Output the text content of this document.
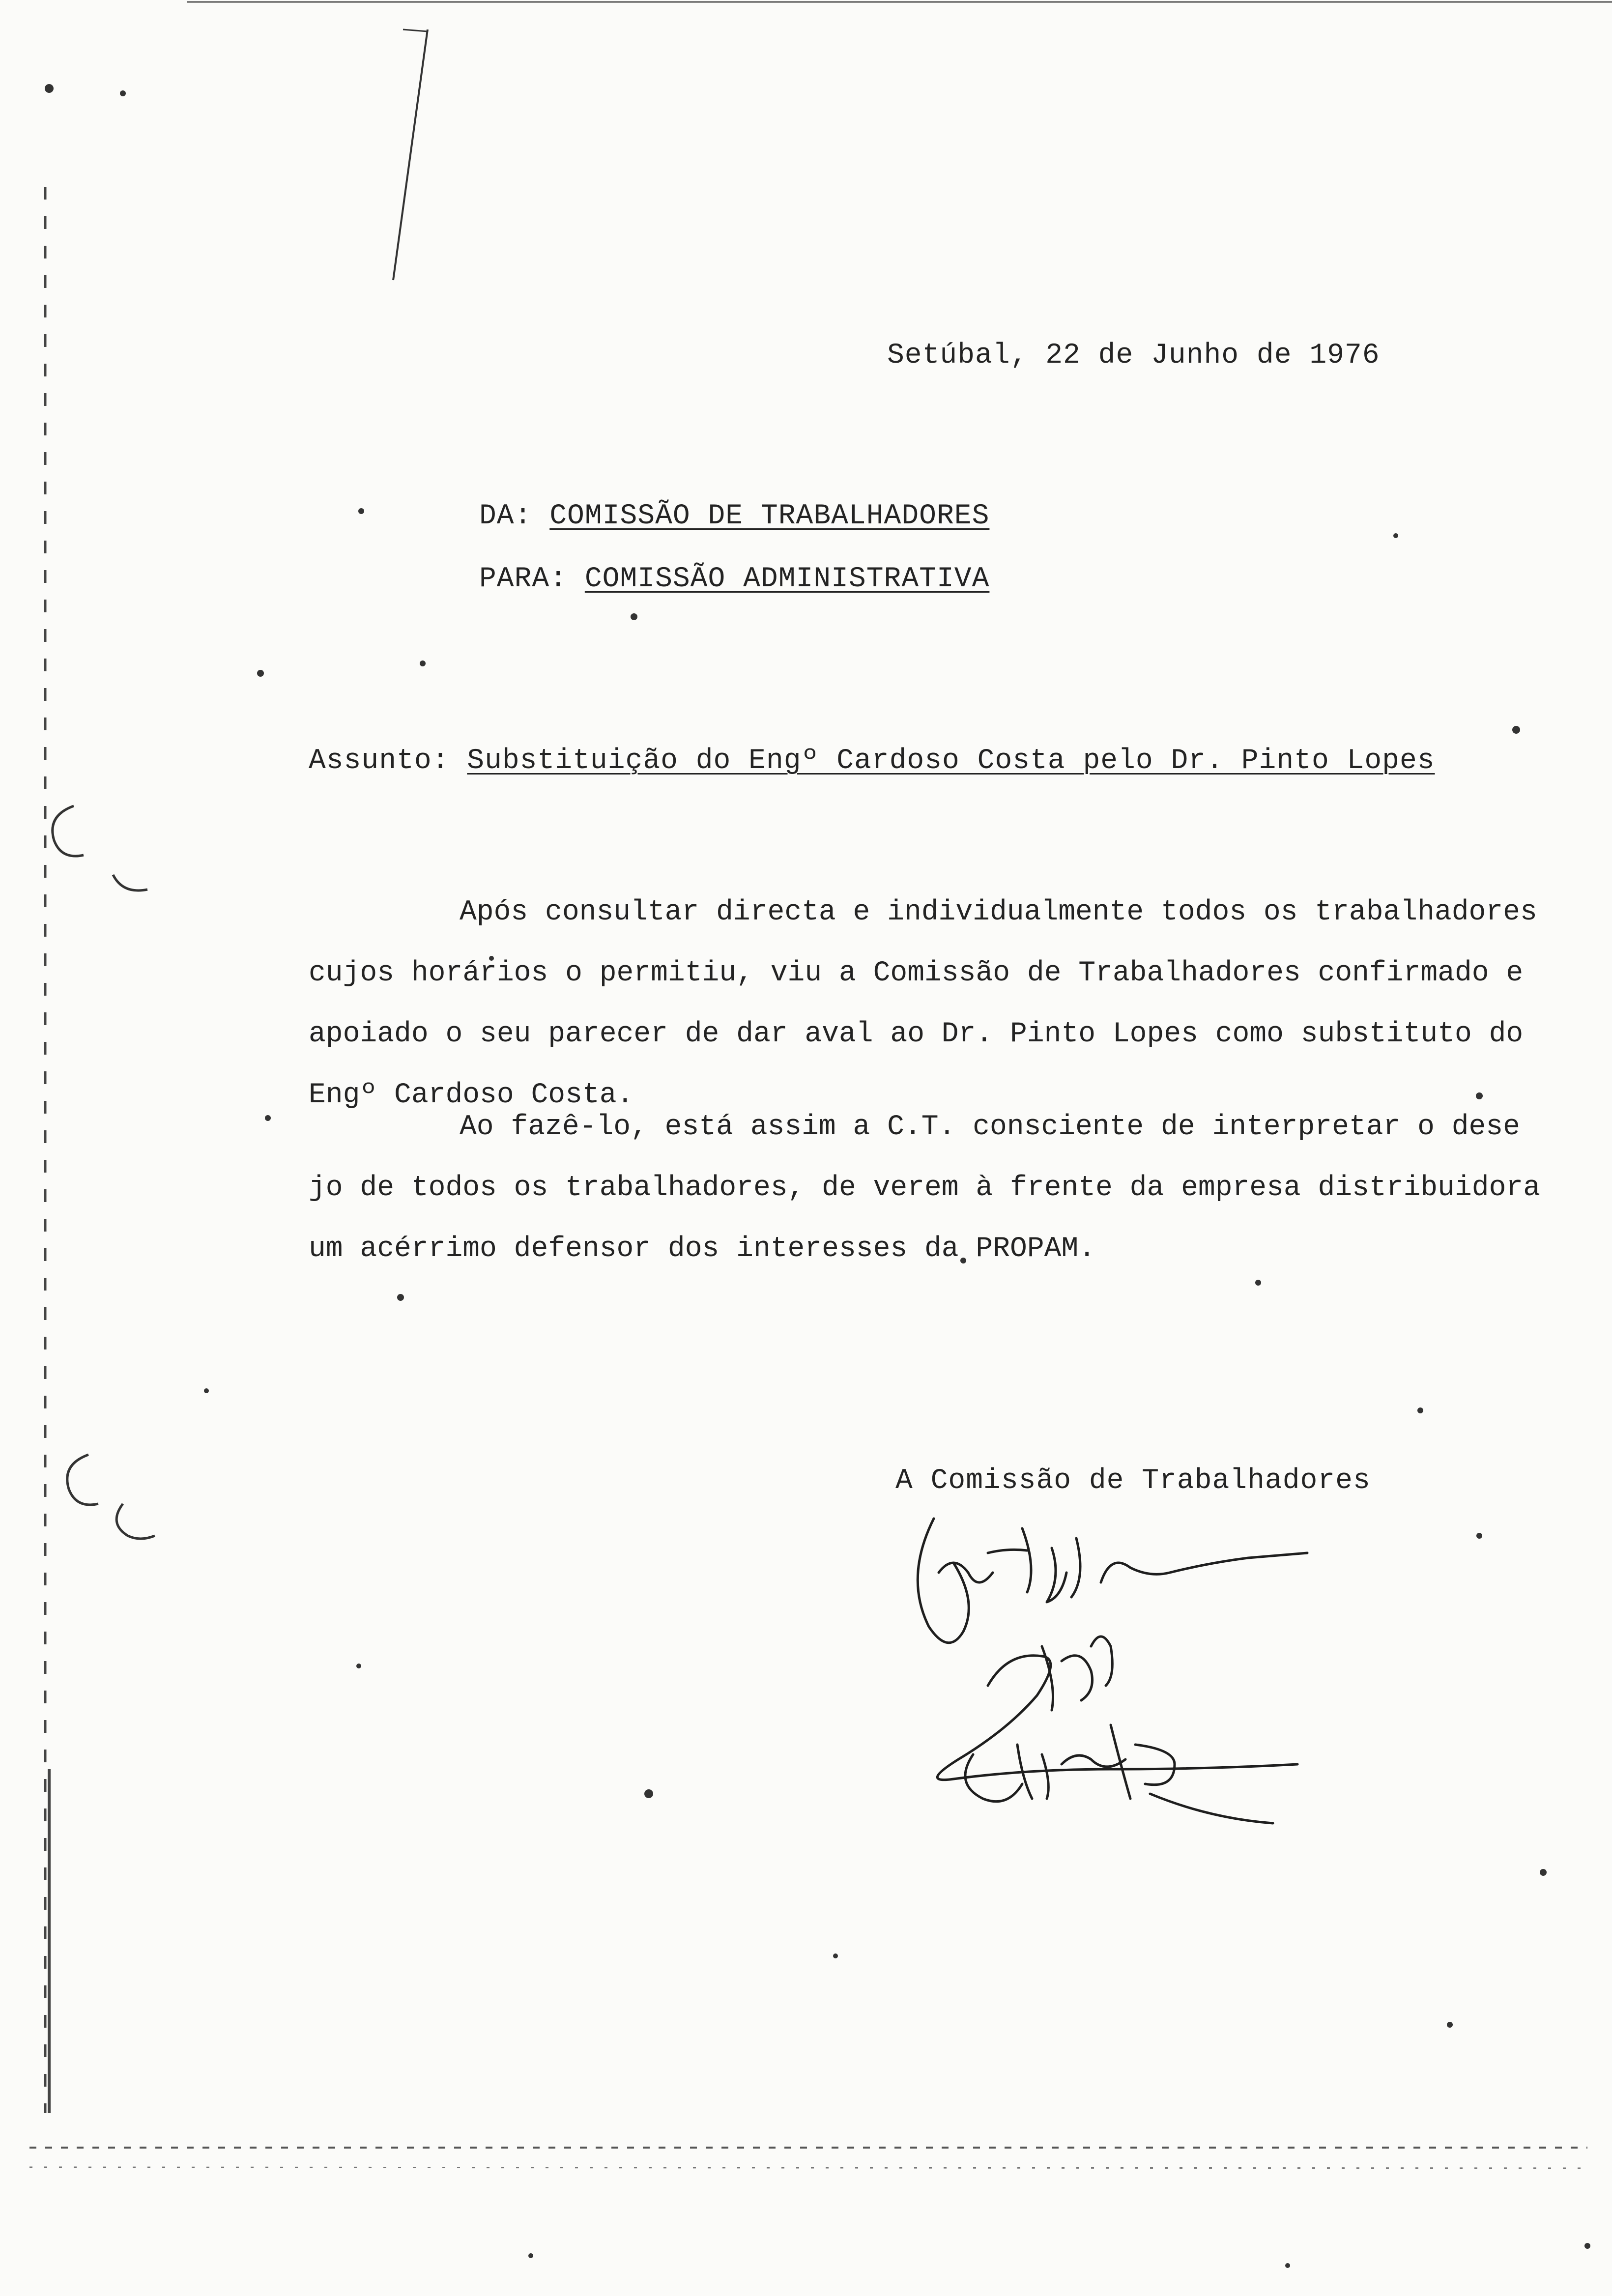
Setúbal, 22 de Junho de 1976
DA: COMISSÃO DE TRABALHADORES
PARA: COMISSÃO ADMINISTRATIVA
Assunto: Substituição do Engº Cardoso Costa pelo Dr. Pinto Lopes
Após consultar directa e individualmente todos os trabalhadores
cujos horários o permitiu, viu a Comissão de Trabalhadores confirmado e
apoiado o seu parecer de dar aval ao Dr. Pinto Lopes como substituto do
Engº Cardoso Costa.
Ao fazê-lo, está assim a C.T. consciente de interpretar o dese
jo de todos os trabalhadores, de verem à frente da empresa distribuidora
um acérrimo defensor dos interesses da PROPAM.
A Comissão de Trabalhadores
